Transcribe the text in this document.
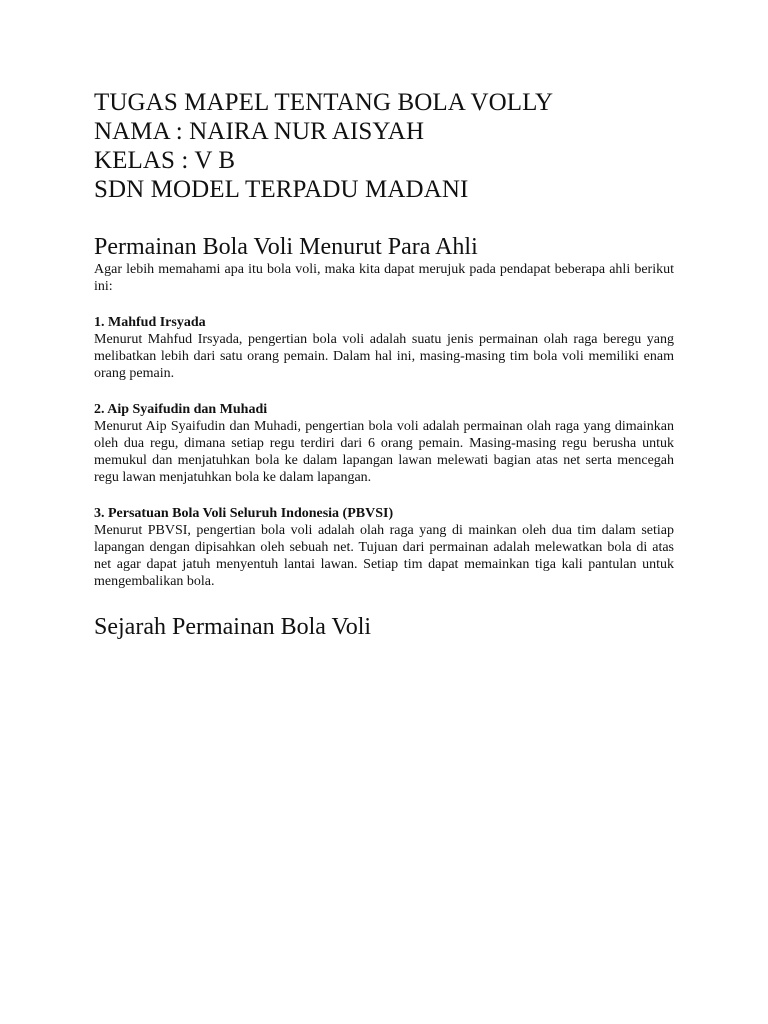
TUGAS MAPEL TENTANG BOLA VOLLY

NAMA : NAIRA NUR AISYAH

KELAS : V B

SDN MODEL TERPADU MADANI

Permainan Bola Voli Menurut Para Ahli

Agar lebih memahami apa itu bola voli, maka kita dapat merujuk pada pendapat beberapa ahli berikut ini:

1. Mahfud Irsyada

Menurut Mahfud Irsyada, pengertian bola voli adalah suatu jenis permainan olah raga beregu yang melibatkan lebih dari satu orang pemain. Dalam hal ini, masing-masing tim bola voli memiliki enam orang pemain.

2. Aip Syaifudin dan Muhadi

Menurut Aip Syaifudin dan Muhadi, pengertian bola voli adalah permainan olah raga yang dimainkan oleh dua regu, dimana setiap regu terdiri dari 6 orang pemain. Masing-masing regu berusha untuk memukul dan menjatuhkan bola ke dalam lapangan lawan melewati bagian atas net serta mencegah regu lawan menjatuhkan bola ke dalam lapangan.

3. Persatuan Bola Voli Seluruh Indonesia (PBVSI)

Menurut PBVSI, pengertian bola voli adalah olah raga yang di mainkan oleh dua tim dalam setiap lapangan dengan dipisahkan oleh sebuah net. Tujuan dari permainan adalah melewatkan bola di atas net agar dapat jatuh menyentuh lantai lawan. Setiap tim dapat memainkan tiga kali pantulan untuk mengembalikan bola.

Sejarah Permainan Bola Voli
